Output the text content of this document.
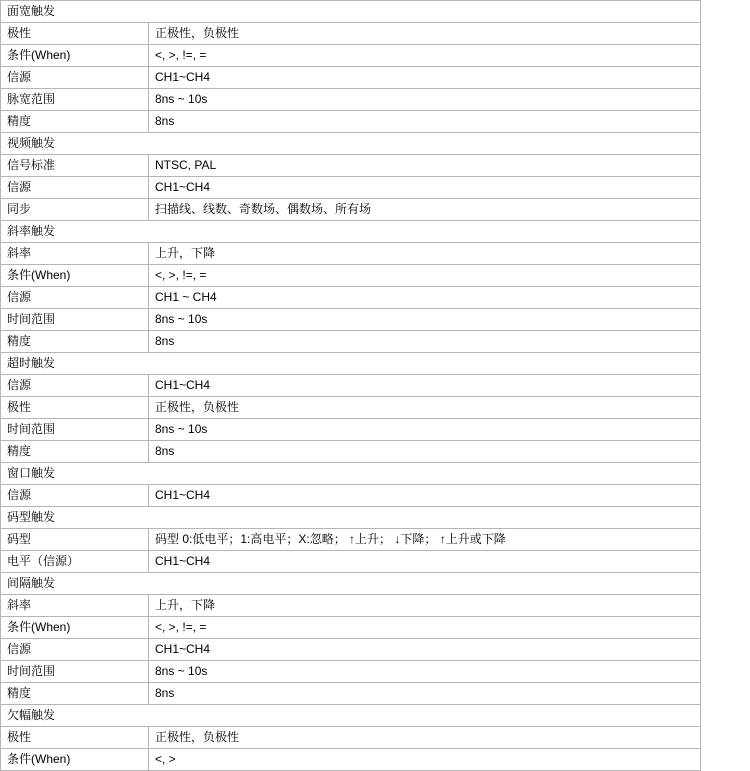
面宽触发	
极性	正极性，负极性
条件(When)	<, >, !=, =
信源	CH1~CH4
脉宽范围	8ns ~ 10s
精度	8ns
视频触发	
信号标准	NTSC, PAL
信源	CH1~CH4
同步	扫描线、线数、奇数场、偶数场、所有场
斜率触发	
斜率	上升，下降
条件(When)	<, >, !=, =
信源	CH1 ~ CH4
时间范围	8ns ~ 10s
精度	8ns
超时触发	
信源	CH1~CH4
极性	正极性，负极性
时间范围	8ns ~ 10s
精度	8ns
窗口触发	
信源	CH1~CH4
码型触发	
码型	码型 0:低电平；1:高电平；X:忽略； ↑上升； ↓下降； ↑上升或下降
电平（信源）	CH1~CH4
间隔触发	
斜率	上升，下降
条件(When)	<, >, !=, =
信源	CH1~CH4
时间范围	8ns ~ 10s
精度	8ns
欠幅触发	
极性	正极性，负极性
条件(When)	<, >
